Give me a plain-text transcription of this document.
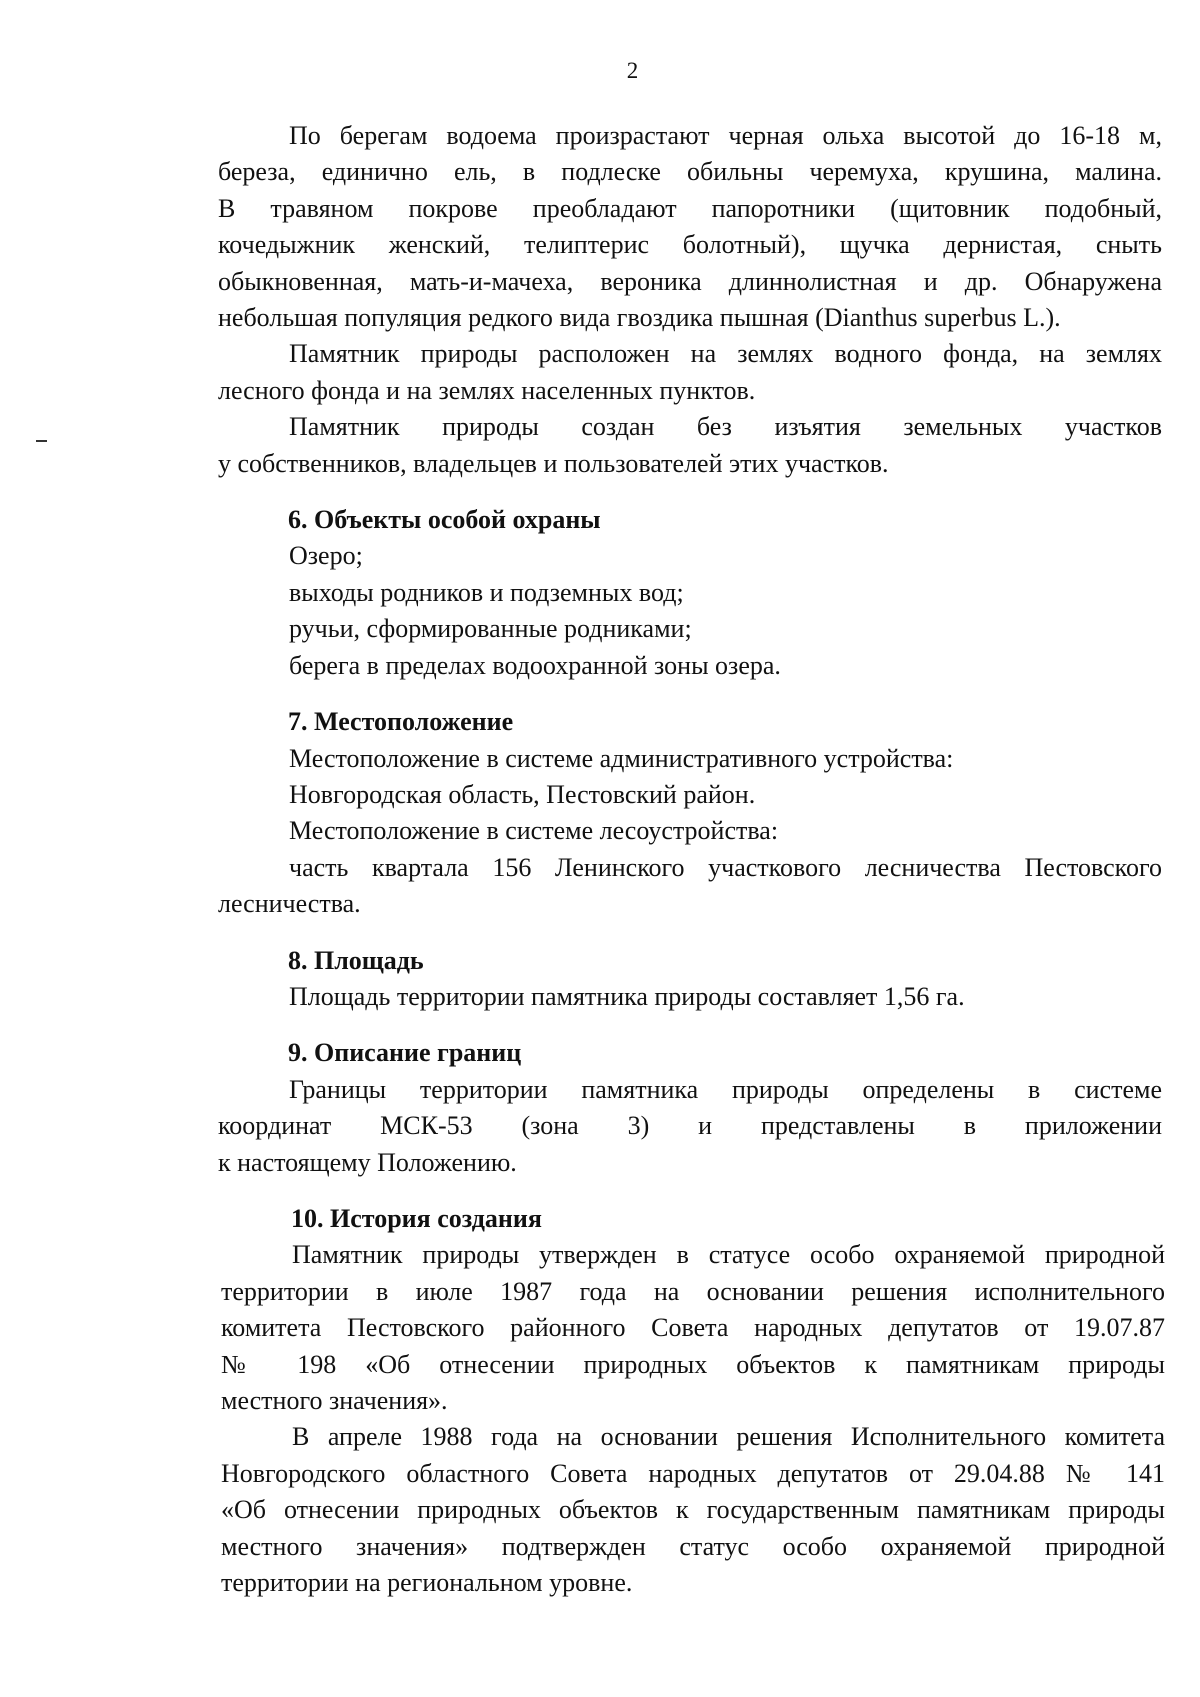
2

По берегам водоема произрастают черная ольха высотой до 16-18 м,

береза, единично ель, в подлеске обильны черемуха, крушина, малина.

В травяном покрове преобладают папоротники (щитовник подобный,

кочедыжник женский, телиптерис болотный), щучка дернистая, сныть

обыкновенная, мать-и-мачеха, вероника длиннолистная и др. Обнаружена

небольшая популяция редкого вида гвоздика пышная (Dianthus superbus L.).

Памятник природы расположен на землях водного фонда, на землях

лесного фонда и на землях населенных пунктов.

Памятник природы создан без изъятия земельных участков

у собственников, владельцев и пользователей этих участков.

6. Объекты особой охраны

Озеро;

выходы родников и подземных вод;

ручьи, сформированные родниками;

берега в пределах водоохранной зоны озера.

7. Местоположение

Местоположение в системе административного устройства:

Новгородская область, Пестовский район.

Местоположение в системе лесоустройства:

часть квартала 156 Ленинского участкового лесничества Пестовского

лесничества.

8. Площадь

Площадь территории памятника природы составляет 1,56 га.

9. Описание границ

Границы территории памятника природы определены в системе

координат МСК-53 (зона 3) и представлены в приложении

к настоящему Положению.

10. История создания

Памятник природы утвержден в статусе особо охраняемой природной

территории в июле 1987 года на основании решения исполнительного

комитета Пестовского районного Совета народных депутатов от 19.07.87

№ 198 «Об отнесении природных объектов к памятникам природы

местного значения».

В апреле 1988 года на основании решения Исполнительного комитета

Новгородского областного Совета народных депутатов от 29.04.88 № 141

«Об отнесении природных объектов к государственным памятникам природы

местного значения» подтвержден статус особо охраняемой природной

территории на региональном уровне.
